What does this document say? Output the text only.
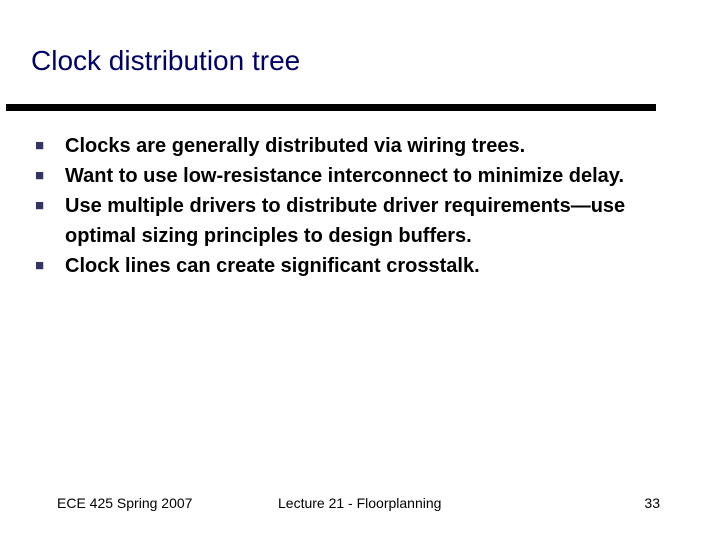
Clock distribution tree
■	Clocks are generally distributed via wiring trees.
■	Want to use low-resistance interconnect to minimize delay.
■	Use multiple drivers to distribute driver requirements—use optimal sizing principles to design buffers.
■	Clock lines can create significant crosstalk.
ECE 425 Spring 2007	Lecture 21 - Floorplanning	33
